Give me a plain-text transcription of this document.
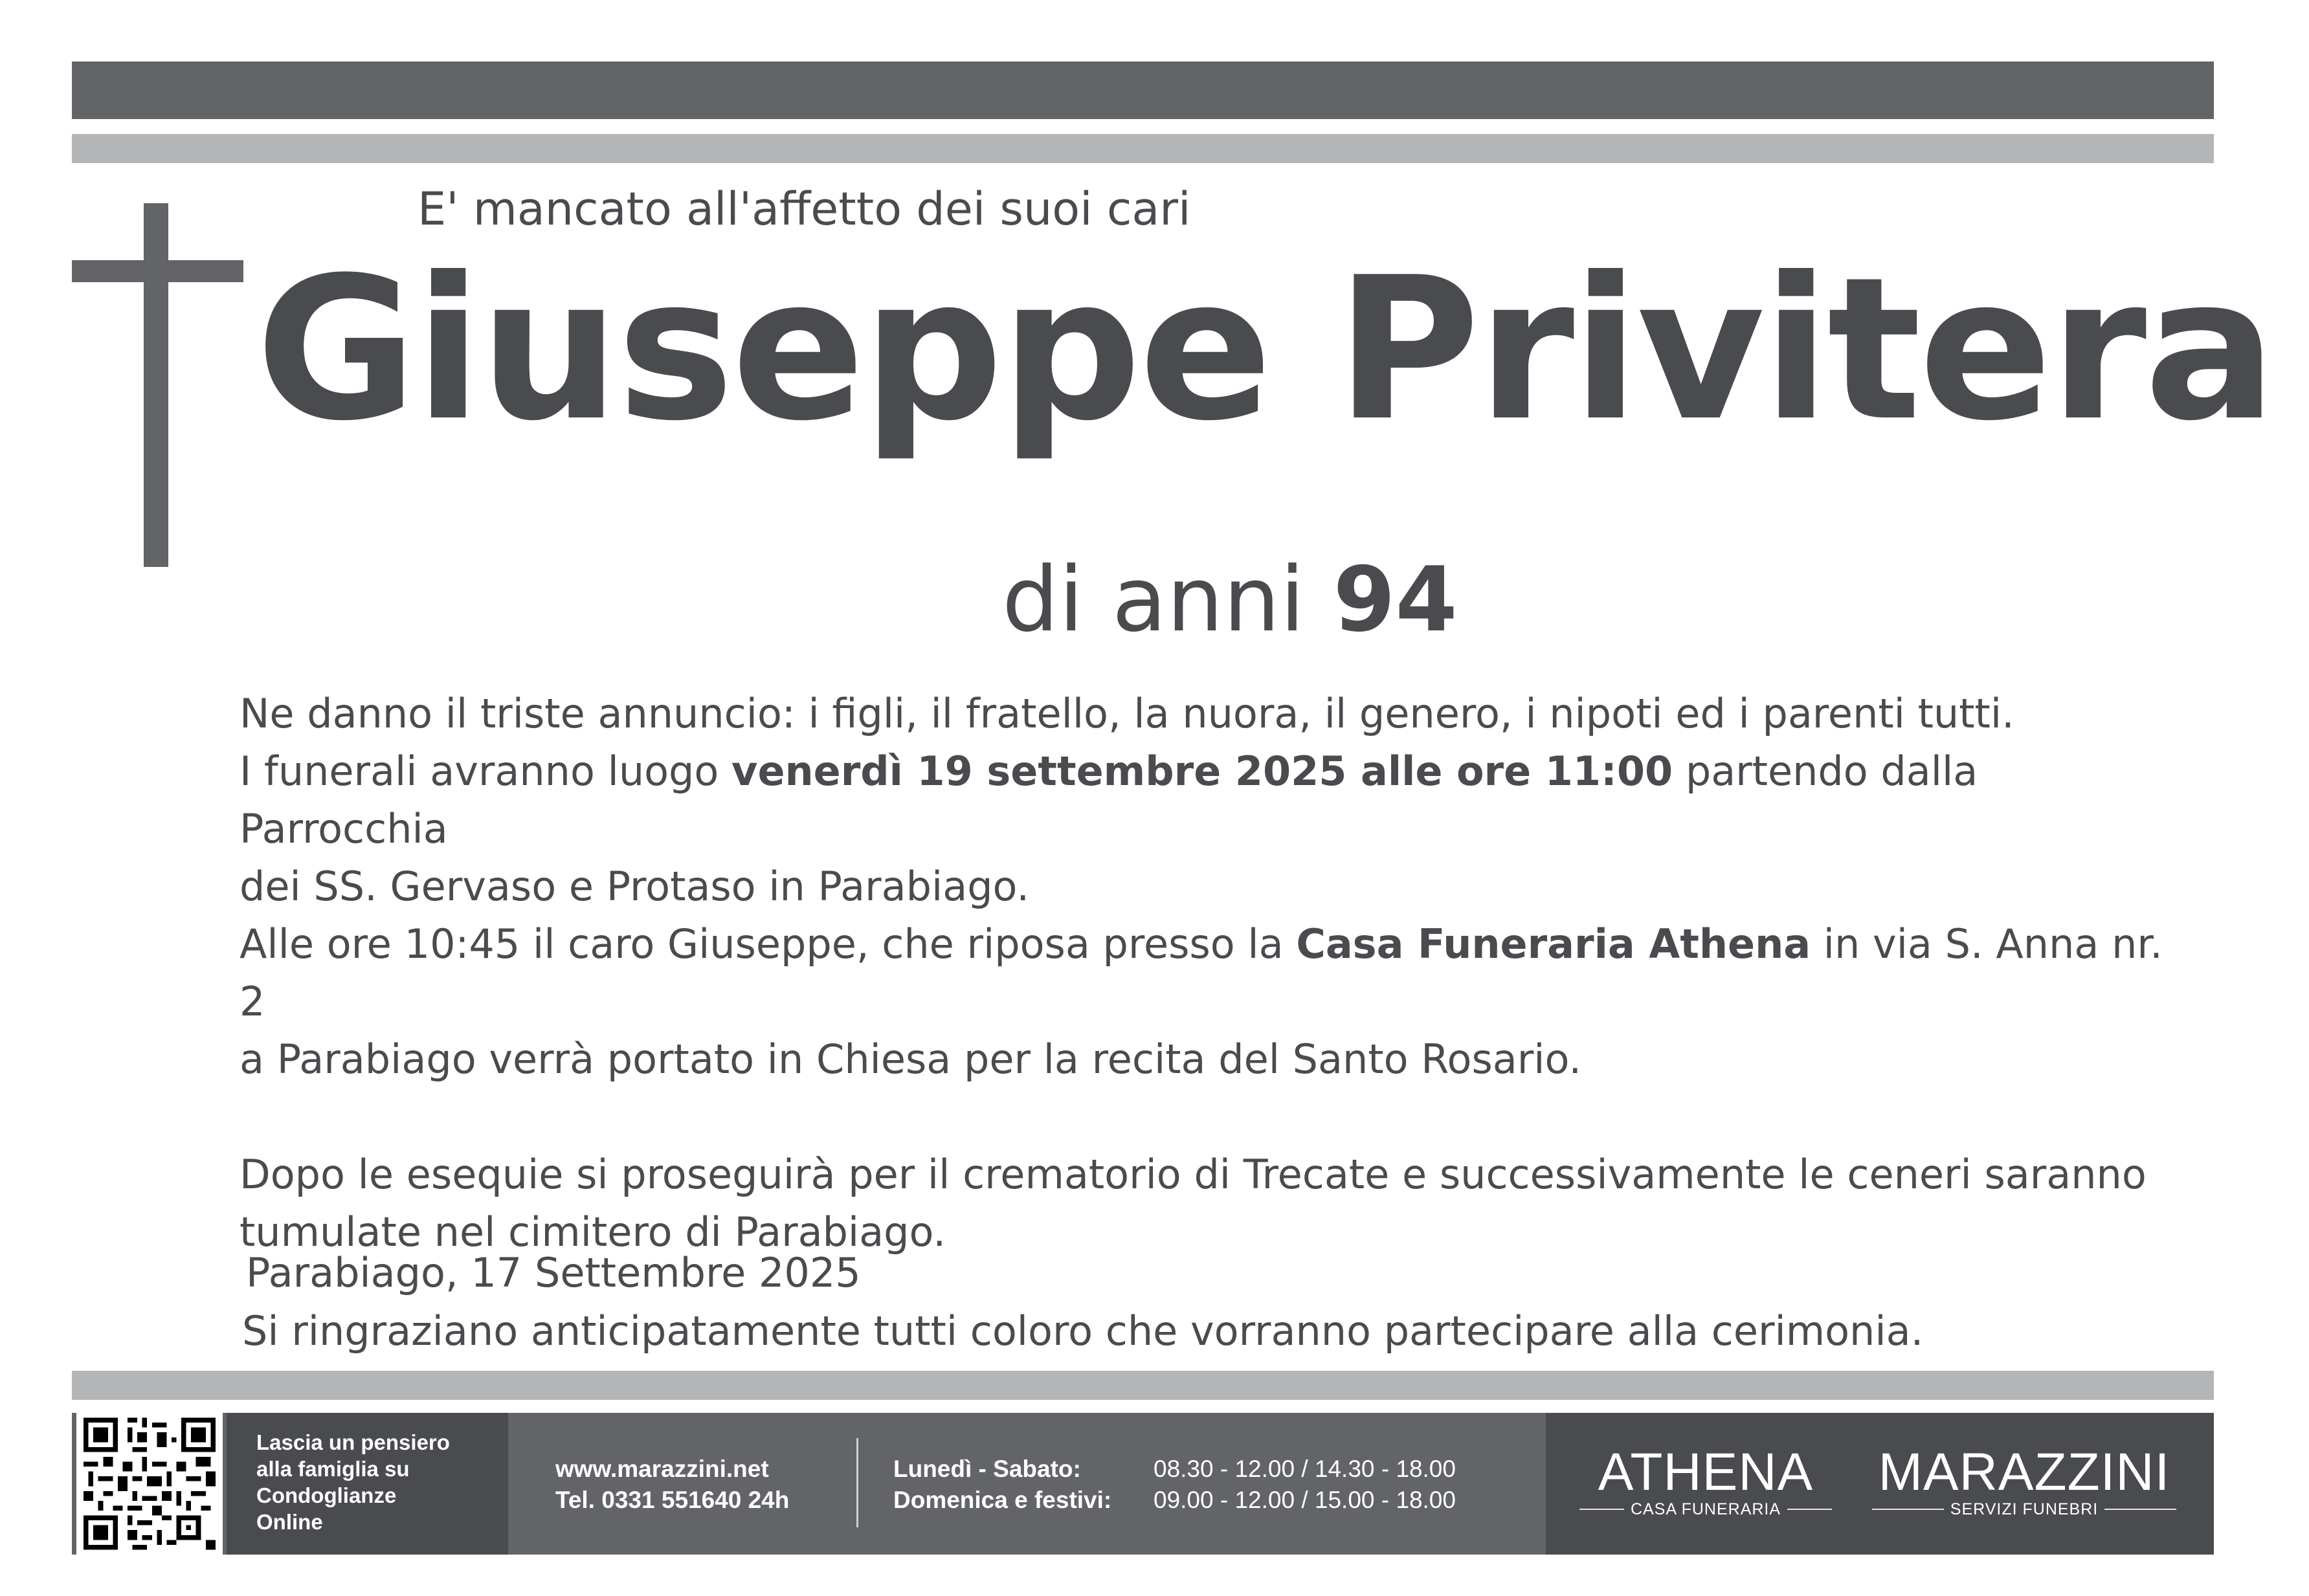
E' mancato all'affetto dei suoi cari
Giuseppe Privitera
di anni 94

Ne danno il triste annuncio: i figli, il fratello, la nuora, il genero, i nipoti ed i parenti tutti.

I funerali avranno luogo venerdì 19 settembre 2025 alle ore 11:00 partendo dalla Parrocchia

dei SS. Gervaso e Protaso in Parabiago.

Alle ore 10:45 il caro Giuseppe, che riposa presso la Casa Funeraria Athena in via S. Anna nr. 2

a Parabiago verrà portato in Chiesa per la recita del Santo Rosario.

Dopo le esequie si proseguirà per il crematorio di Trecate e successivamente le ceneri saranno

tumulate nel cimitero di Parabiago.

Parabiago, 17 Settembre 2025
Si ringraziano anticipatamente tutti coloro che vorranno partecipare alla cerimonia.
Lascia un pensiero
alla famiglia su
Condoglianze
Online
www.marazzini.net
Tel. 0331 551640 24h
Lunedì - Sabato:
Domenica e festivi:
08.30 - 12.00 / 14.30 - 18.00
09.00 - 12.00 / 15.00 - 18.00	ATHENA
CASA FUNERARIA
MARAZZINI
SERVIZI FUNEBRI
